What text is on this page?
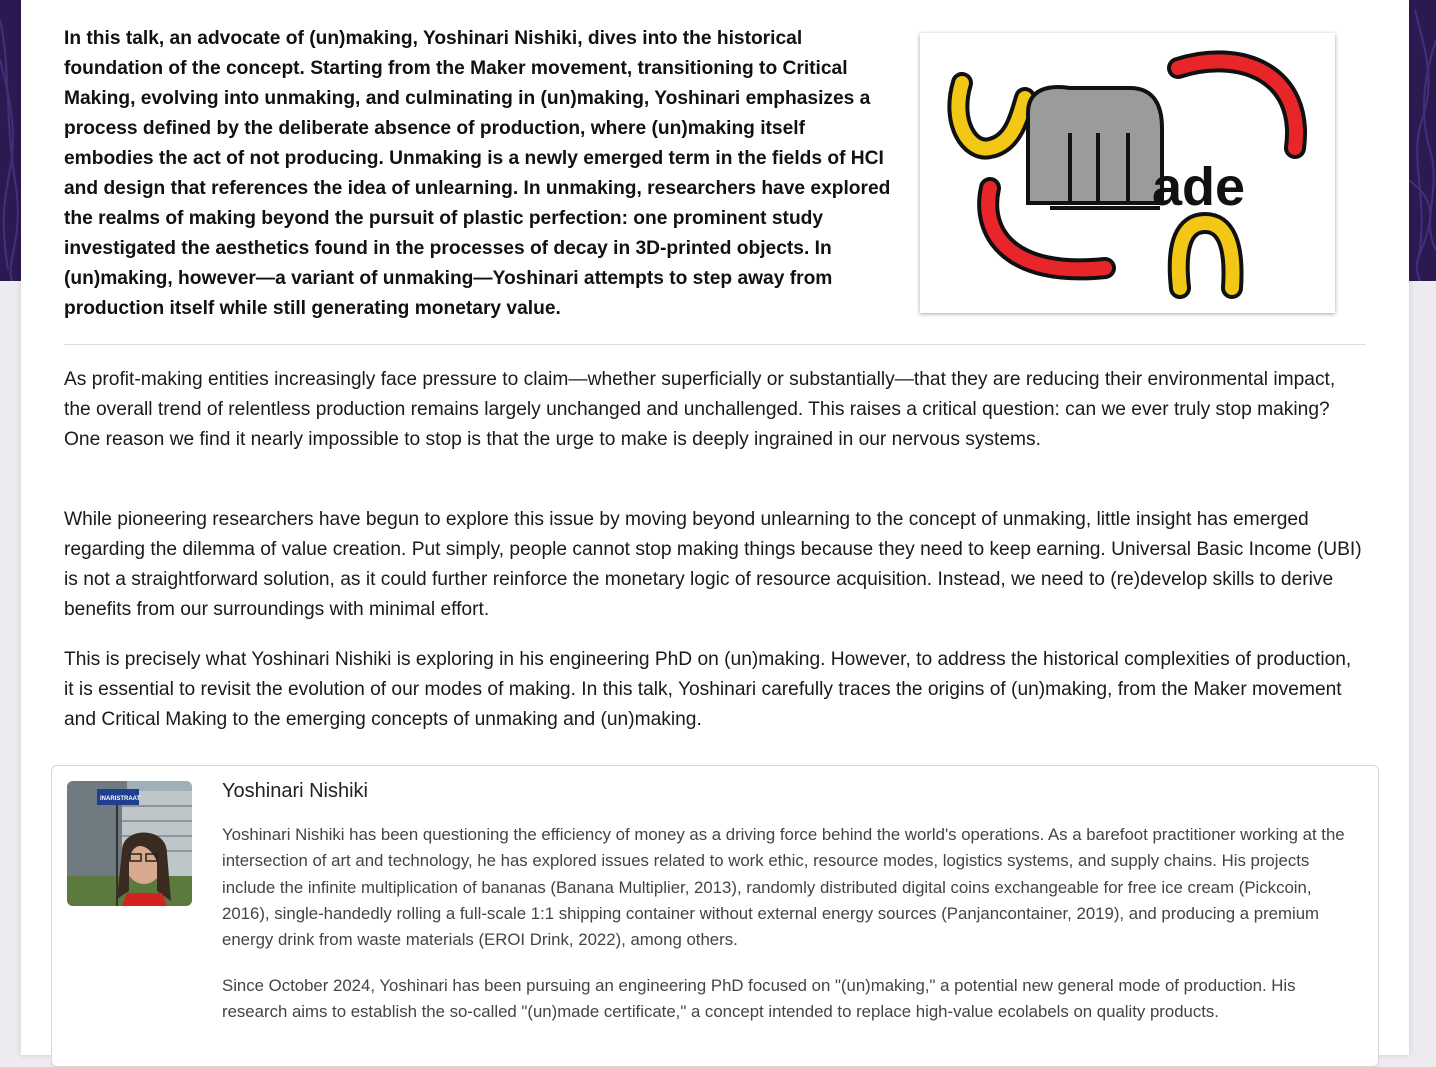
In this talk, an advocate of (un)making, Yoshinari Nishiki, dives into the historical foundation of the concept. Starting from the Maker movement, transitioning to Critical Making, evolving into unmaking, and culminating in (un)making, Yoshinari emphasizes a process defined by the deliberate absence of production, where (un)making itself embodies the act of not producing. Unmaking is a newly emerged term in the fields of HCI and design that references the idea of unlearning. In unmaking, researchers have explored the realms of making beyond the pursuit of plastic perfection: one prominent study investigated the aesthetics found in the processes of decay in 3D-printed objects. In (un)making, however—a variant of unmaking—Yoshinari attempts to step away from production itself while still generating monetary value.

ade

As profit-making entities increasingly face pressure to claim—whether superficially or substantially—that they are reducing their environmental impact, the overall trend of relentless production remains largely unchanged and unchallenged. This raises a critical question: can we ever truly stop making? One reason we find it nearly impossible to stop is that the urge to make is deeply ingrained in our nervous systems.

While pioneering researchers have begun to explore this issue by moving beyond unlearning to the concept of unmaking, little insight has emerged regarding the dilemma of value creation. Put simply, people cannot stop making things because they need to keep earning. Universal Basic Income (UBI) is not a straightforward solution, as it could further reinforce the monetary logic of resource acquisition. Instead, we need to (re)develop skills to derive benefits from our surroundings with minimal effort.

This is precisely what Yoshinari Nishiki is exploring in his engineering PhD on (un)making. However, to address the historical complexities of production, it is essential to revisit the evolution of our modes of making. In this talk, Yoshinari carefully traces the origins of (un)making, from the Maker movement and Critical Making to the emerging concepts of unmaking and (un)making.

INARISTRAAT	Yoshinari Nishiki

Yoshinari Nishiki has been questioning the efficiency of money as a driving force behind the world's operations. As a barefoot practitioner working at the intersection of art and technology, he has explored issues related to work ethic, resource modes, logistics systems, and supply chains. His projects include the infinite multiplication of bananas (Banana Multiplier, 2013), randomly distributed digital coins exchangeable for free ice cream (Pickcoin, 2016), single-handedly rolling a full-scale 1:1 shipping container without external energy sources (Panjancontainer, 2019), and producing a premium energy drink from waste materials (EROI Drink, 2022), among others.

Since October 2024, Yoshinari has been pursuing an engineering PhD focused on "(un)making," a potential new general mode of production. His research aims to establish the so-called "(un)made certificate," a concept intended to replace high-value ecolabels on quality products.
